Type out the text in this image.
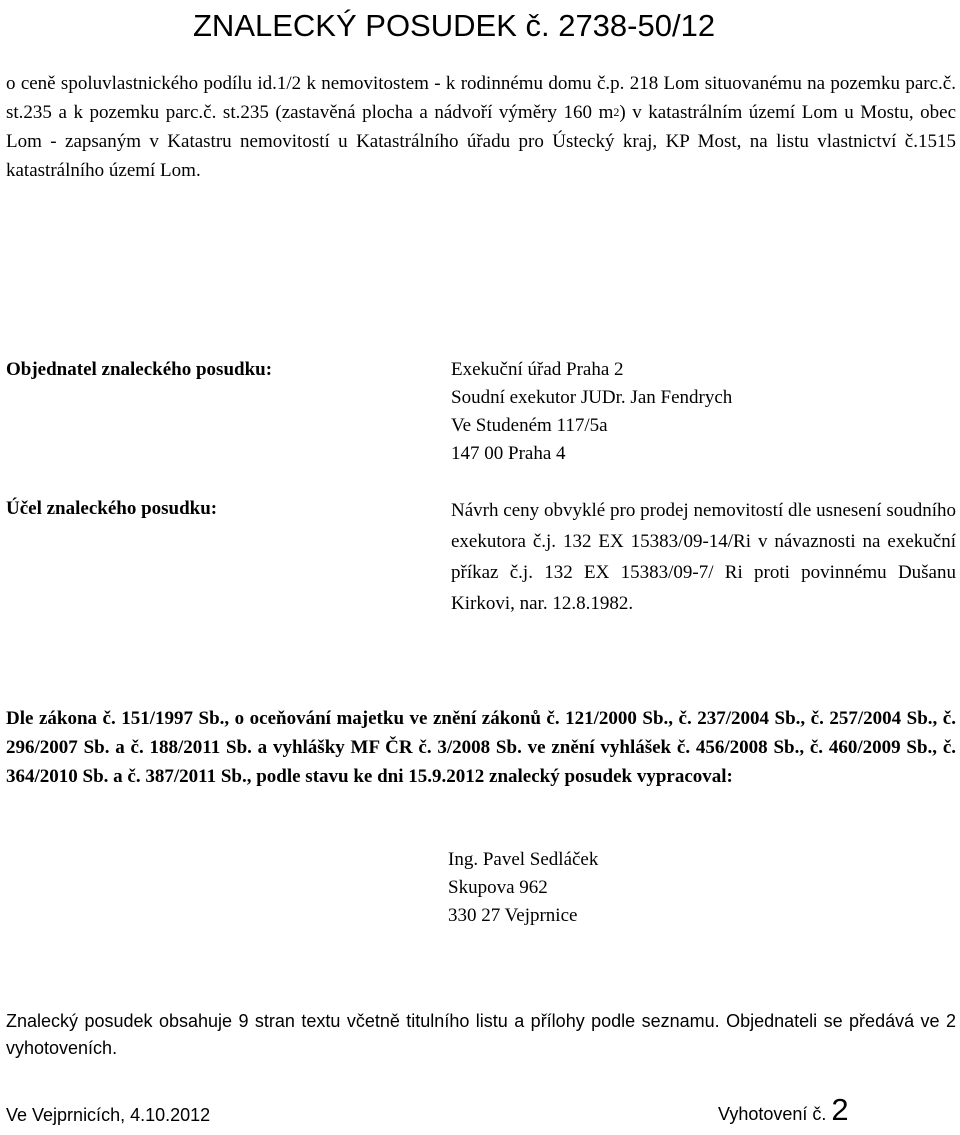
ZNALECKÝ POSUDEK č. 2738-50/12

o ceně spoluvlastnického podílu id.1/2 k nemovitostem - k rodinnému domu č.p. 218 Lom situovanému na pozemku parc.č. st.235 a k pozemku parc.č. st.235 (zastavěná plocha a nádvoří výměry 160 $m^2$) v katastrálním území Lom u Mostu, obec Lom - zapsaným v Katastru nemovitostí u Katastrálního úřadu pro Ústecký kraj, KP Most, na listu vlastnictví č.1515 katastrálního území Lom.

Objednatel znaleckého posudku:	Exekuční úřad Praha 2
Soudní exekutor JUDr. Jan Fendrych
Ve Studeném 117/5a
147 00 Praha 4

Účel znaleckého posudku:	Návrh ceny obvyklé pro prodej nemovitostí dle usnesení soudního exekutora č.j. 132 EX 15383/09-14/Ri v návaznosti na exekuční příkaz č.j. 132 EX 15383/09-7/ Ri proti povinnému Dušanu Kirkovi, nar. 12.8.1982.

Dle zákona č. 151/1997 Sb., o oceňování majetku ve znění zákonů č. 121/2000 Sb., č. 237/2004 Sb., č. 257/2004 Sb., č. 296/2007 Sb. a č. 188/2011 Sb. a vyhlášky MF ČR č. 3/2008 Sb. ve znění vyhlášek č. 456/2008 Sb., č. 460/2009 Sb., č. 364/2010 Sb. a č. 387/2011 Sb., podle stavu ke dni 15.9.2012 znalecký posudek vypracoval:

Ing. Pavel Sedláček
Skupova 962
330 27 Vejprnice

Znalecký posudek obsahuje 9 stran textu včetně titulního listu a přílohy podle seznamu. Objednateli se předává ve 2 vyhotoveních.

Ve Vejprnicích, 4.10.2012	Vyhotovení č. 2
